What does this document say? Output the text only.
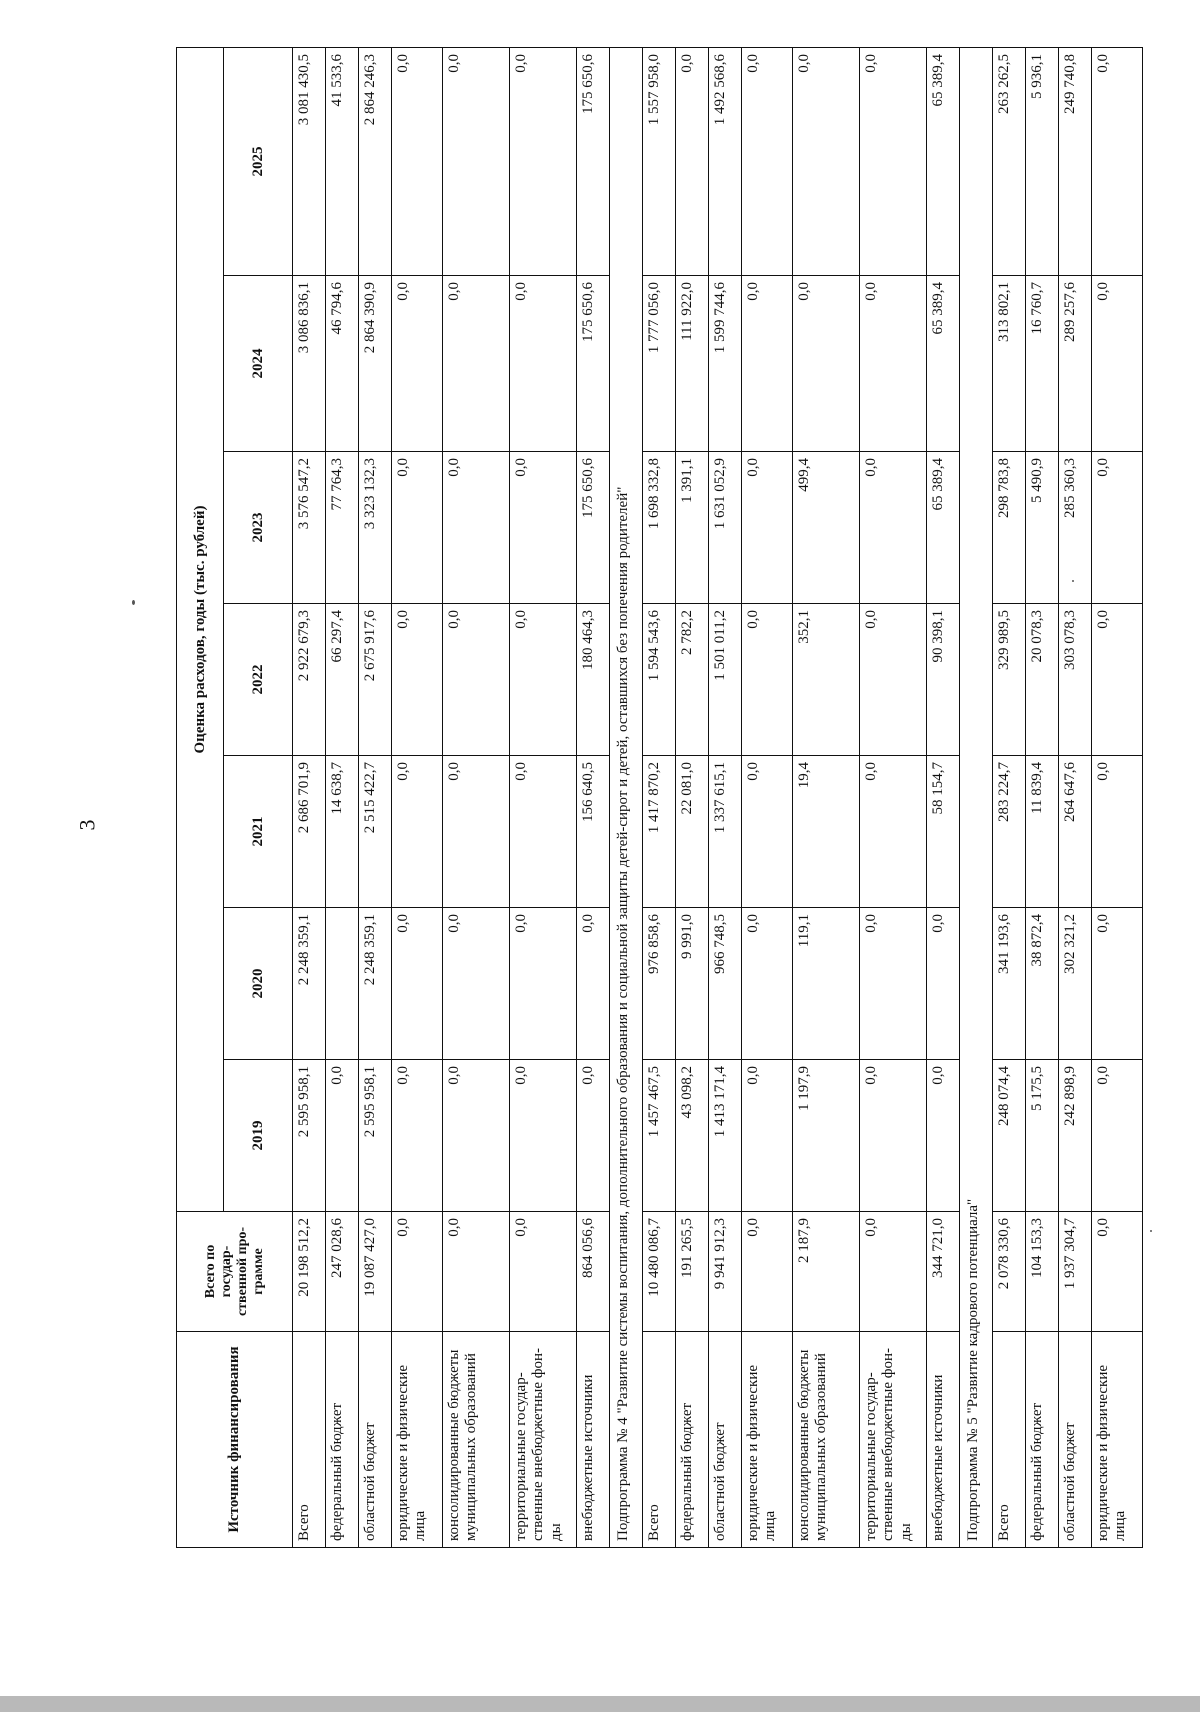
3
Источник финансирования	Всего по государ-ственной про-грамме	Оценка расходов, годы (тыс. рублей)						
		2019	2020	2021	2022	2023	2024	2025
Всего	20 198 512,2	2 595 958,1	2 248 359,1	2 686 701,9	2 922 679,3	3 576 547,2	3 086 836,1	3 081 430,5
федеральный бюджет	247 028,6	0,0		14 638,7	66 297,4	77 764,3	46 794,6	41 533,6
областной бюджет	19 087 427,0	2 595 958,1	2 248 359,1	2 515 422,7	2 675 917,6	3 323 132,3	2 864 390,9	2 864 246,3
юридические и физические лица	0,0	0,0	0,0	0,0	0,0	0,0	0,0	0,0
консолидированные бюджеты муниципальных образований	0,0	0,0	0,0	0,0	0,0	0,0	0,0	0,0
территориальные государ-ственные внебюджетные фон-ды	0,0	0,0	0,0	0,0	0,0	0,0	0,0	0,0
внебюджетные источники	864 056,6	0,0	0,0	156 640,5	180 464,3	175 650,6	175 650,6	175 650,6
Подпрограмма № 4 "Развитие системы воспитания, дополнительного образования и социальной защиты детей-сирот и детей, оставшихся без попечения родителей"								
Всего	10 480 086,7	1 457 467,5	976 858,6	1 417 870,2	1 594 543,6	1 698 332,8	1 777 056,0	1 557 958,0
федеральный бюджет	191 265,5	43 098,2	9 991,0	22 081,0	2 782,2	1 391,1	111 922,0	0,0
областной бюджет	9 941 912,3	1 413 171,4	966 748,5	1 337 615,1	1 501 011,2	1 631 052,9	1 599 744,6	1 492 568,6
юридические и физические лица	0,0	0,0	0,0	0,0	0,0	0,0	0,0	0,0
консолидированные бюджеты муниципальных образований	2 187,9	1 197,9	119,1	19,4	352,1	499,4	0,0	0,0
территориальные государ-ственные внебюджетные фон-ды	0,0	0,0	0,0	0,0	0,0	0,0	0,0	0,0
внебюджетные источники	344 721,0	0,0	0,0	58 154,7	90 398,1	65 389,4	65 389,4	65 389,4
Подпрограмма № 5 "Развитие кадрового потенциала"								
Всего	2 078 330,6	248 074,4	341 193,6	283 224,7	329 989,5	298 783,8	313 802,1	263 262,5
федеральный бюджет	104 153,3	5 175,5	38 872,4	11 839,4	20 078,3	5 490,9	16 760,7	5 936,1
областной бюджет	1 937 304,7	242 898,9	302 321,2	264 647,6	303 078,3	285 360,3	289 257,6	249 740,8
юридические и физические лица	0,0	0,0	0,0	0,0	0,0	0,0	0,0	0,0
